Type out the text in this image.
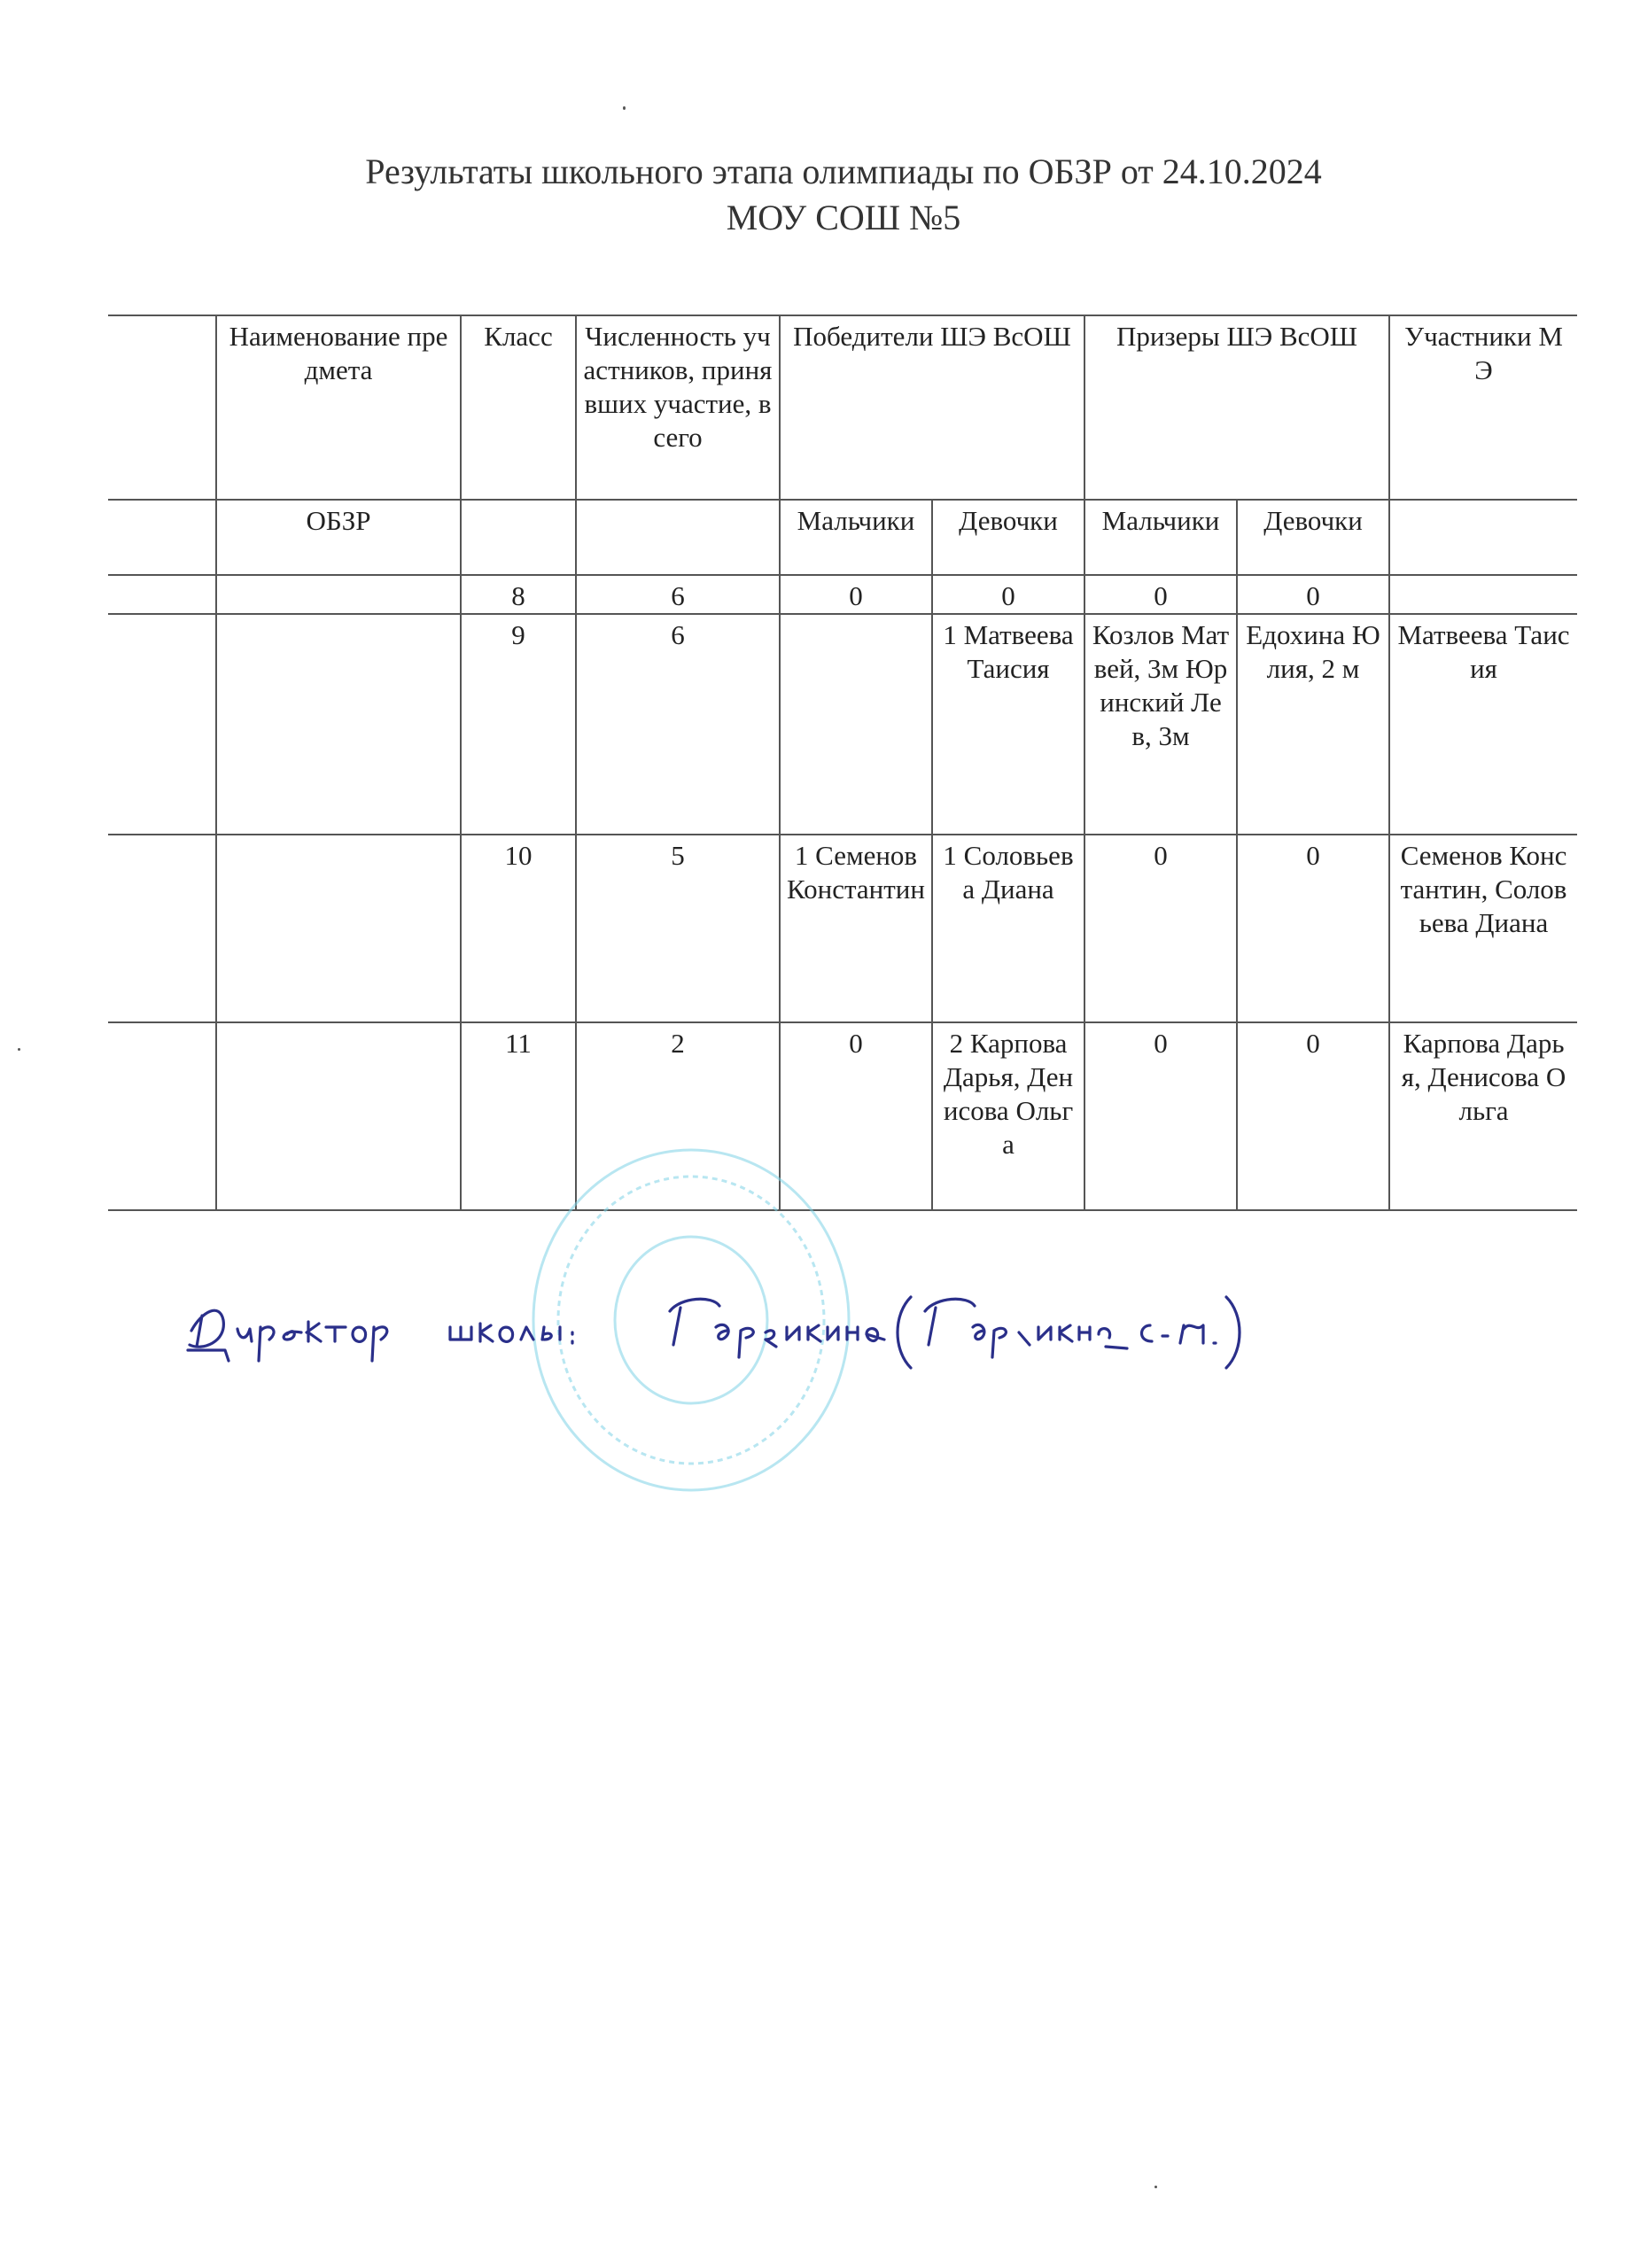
Результаты школьного этапа олимпиады по ОБЗР от 24.10.2024
МОУ СОШ №5
	Наименование предмета	Класс	Численность участников, принявших участие, всего	Победители ШЭ ВсОШ		Призеры ШЭ ВсОШ		Участники МЭ
	ОБЗР			Мальчики	Девочки	Мальчики	Девочки	
		8	6	0	0	0	0	
		9	6		1 Матвеева Таисия	Козлов Матвей, 3м Юринский Лев, 3м	Едохина Юлия, 2 м	Матвеева Таисия
		10	5	1 Семенов Константин	1 Соловьева Диана	0	0	Семенов Константин, Соловьева Диана
		11	2	0	2 Карпова Дарья, Денисова Ольга	0	0	Карпова Дарья, Денисова Ольга
